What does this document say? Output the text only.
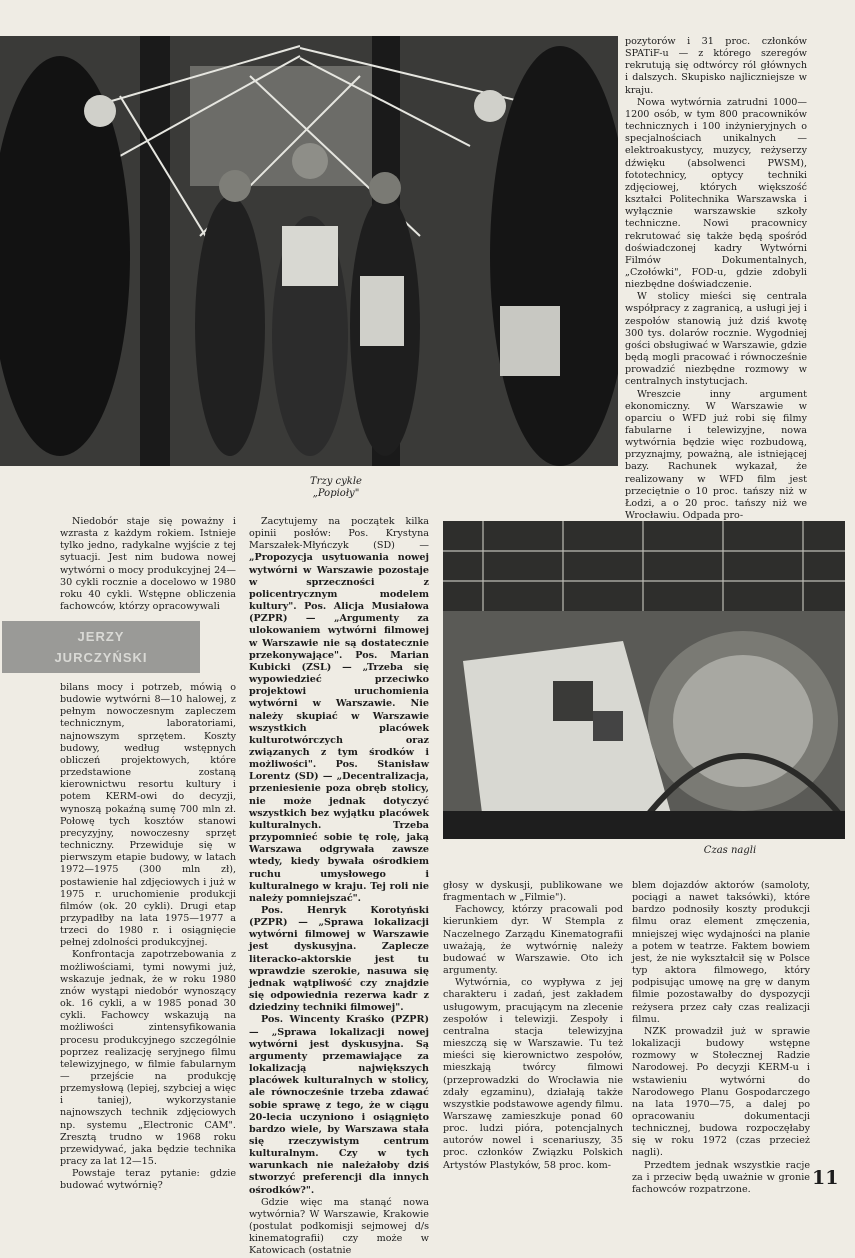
Trzy cykle
„Popioły"

pozytorów i 31 proc. członków SPATiF-u — z którego szeregów rekrutują się odtwórcy ról głównych i dalszych. Skupisko najliczniejsze w kraju.

Nowa wytwórnia zatrudni 1000—1200 osób, w tym 800 pracowników technicznych i 100 inżynieryjnych o specjalnościach unikalnych — elektroakustycy, muzycy, reżyserzy dźwięku (absolwenci PWSM), fototechnicy, optycy techniki zdjęciowej, których większość kształci Politechnika Warszawska i wyłącznie warszawskie szkoły techniczne. Nowi pracownicy rekrutować się także będą spośród doświadczonej kadry Wytwórni Filmów Dokumentalnych, „Czołówki", FOD-u, gdzie zdobyli niezbędne doświadczenie.

W stolicy mieści się centrala współpracy z zagranicą, a usługi jej i zespołów stanowią już dziś kwotę 300 tys. dolarów rocznie. Wygodniej gości obsługiwać w Warszawie, gdzie będą mogli pracować i równocześnie prowadzić niezbędne rozmowy w centralnych instytucjach.

Wreszcie inny argument ekonomiczny. W Warszawie w oparciu o WFD już robi się filmy fabularne i telewizyjne, nowa wytwórnia będzie więc rozbudową, przyznajmy, poważną, ale istniejącej bazy. Rachunek wykazał, że realizowany w WFD film jest przeciętnie o 10 proc. tańszy niż w Łodzi, a o 20 proc. tańszy niż we Wrocławiu. Odpada pro-

Niedobór staje się poważny i wzrasta z każdym rokiem. Istnieje tylko jedno, radykalne wyjście z tej sytuacji. Jest nim budowa nowej wytwórni o mocy produkcyjnej 24—30 cykli rocznie a docelowo w 1980 roku 40 cykli. Wstępne obliczenia fachowców, którzy opracowywali

JERZY
JURCZYŃSKI

bilans mocy i potrzeb, mówią o budowie wytwórni 8—10 halowej, z pełnym nowoczesnym zapleczem technicznym, laboratoriami, najnowszym sprzętem. Koszty budowy, według wstępnych obliczeń projektowych, które przedstawione zostaną kierownictwu resortu kultury i potem KERM-owi do decyzji, wynoszą pokaźną sumę 700 mln zł. Połowę tych kosztów stanowi precyzyjny, nowoczesny sprzęt techniczny. Przewiduje się w pierwszym etapie budowy, w latach 1972—1975 (300 mln zł), postawienie hal zdjęciowych i już w 1975 r. uruchomienie produkcji filmów (ok. 20 cykli). Drugi etap przypadłby na lata 1975—1977 a trzeci do 1980 r. i osiągnięcie pełnej zdolności produkcyjnej.

Konfrontacja zapotrzebowania z możliwościami, tymi nowymi już, wskazuje jednak, że w roku 1980 znów wystąpi niedobór wynoszący ok. 16 cykli, a w 1985 ponad 30 cykli. Fachowcy wskazują na możliwości zintensyfikowania procesu produkcyjnego szczególnie poprzez realizację seryjnego filmu telewizyjnego, w filmie fabularnym — przejście na produkcję przemysłową (lepiej, szybciej a więc i taniej), wykorzystanie najnowszych technik zdjęciowych np. systemu „Electronic CAM". Zresztą trudno w 1968 roku przewidywać, jaka będzie technika pracy za lat 12—15.

Powstaje teraz pytanie: gdzie budować wytwórnię?

Zacytujemy na początek kilka opinii posłów: Pos. Krystyna Marszałek-Młyńczyk (SD) — „Propozycja usytuowania nowej wytwórni w Warszawie pozostaje w sprzeczności z policentrycznym modelem kultury". Pos. Alicja Musiałowa (PZPR) — „Argumenty za ulokowaniem wytwórni filmowej w Warszawie nie są dostatecznie przekonywające". Pos. Marian Kubicki (ZSL) — „Trzeba się wypowiedzieć przeciwko projektowi uruchomienia wytwórni w Warszawie. Nie należy skupiać w Warszawie wszystkich placówek kulturotwórczych oraz związanych z tym środków i możliwości". Pos. Stanisław Lorentz (SD) — „Decentralizacja, przeniesienie poza obręb stolicy, nie może jednak dotyczyć wszystkich bez wyjątku placówek kulturalnych. Trzeba przypomnieć sobie tę rolę, jaką Warszawa odgrywała zawsze wtedy, kiedy bywała ośrodkiem ruchu umysłowego i kulturalnego w kraju. Tej roli nie należy pomniejszać".

Pos. Henryk Korotyński (PZPR) — „Sprawa lokalizacji wytwórni filmowej w Warszawie jest dyskusyjna. Zaplecze literacko-aktorskie jest tu wprawdzie szerokie, nasuwa się jednak wątpliwość czy znajdzie się odpowiednia rezerwa kadr z dziedziny techniki filmowej".

Pos. Wincenty Kraśko (PZPR) — „Sprawa lokalizacji nowej wytwórni jest dyskusyjna. Są argumenty przemawiające za lokalizacją największych placówek kulturalnych w stolicy, ale równocześnie trzeba zdawać sobie sprawę z tego, że w ciągu 20-lecia uczyniono i osiągnięto bardzo wiele, by Warszawa stała się rzeczywistym centrum kulturalnym. Czy w tych warunkach nie należałoby dziś stworzyć preferencji dla innych ośrodków?".

Gdzie więc ma stanąć nowa wytwórnia? W Warszawie, Krakowie (postulat podkomisji sejmowej d/s kinematografii) czy może w Katowicach (ostatnie

Czas nagli

głosy w dyskusji, publikowane we fragmentach w „Filmie").

Fachowcy, którzy pracowali pod kierunkiem dyr. W Stempla z Naczelnego Zarządu Kinematografii uważają, że wytwórnię należy budować w Warszawie. Oto ich argumenty.

Wytwórnia, co wypływa z jej charakteru i zadań, jest zakładem usługowym, pracującym na zlecenie zespołów i telewizji. Zespoły i centralna stacja telewizyjna mieszczą się w Warszawie. Tu też mieści się kierownictwo zespołów, mieszkają twórcy filmowi (przeprowadzki do Wrocławia nie zdały egzaminu), działają także wszystkie podstawowe agendy filmu. Warszawę zamieszkuje ponad 60 proc. ludzi pióra, potencjalnych autorów nowel i scenariuszy, 35 proc. członków Związku Polskich Artystów Plastyków, 58 proc. kom-

blem dojazdów aktorów (samoloty, pociągi a nawet taksówki), które bardzo podnosiły koszty produkcji filmu oraz element zmęczenia, mniejszej więc wydajności na planie a potem w teatrze. Faktem bowiem jest, że nie wykształcił się w Polsce typ aktora filmowego, który podpisując umowę na grę w danym filmie pozostawałby do dyspozycji reżysera przez cały czas realizacji filmu.

NZK prowadził już w sprawie lokalizacji budowy wstępne rozmowy w Stołecznej Radzie Narodowej. Po decyzji KERM-u i wstawieniu wytwórni do Narodowego Planu Gospodarczego na lata 1970—75, a dalej po opracowaniu dokumentacji technicznej, budowa rozpoczęłaby się w roku 1972 (czas przecież nagli).

Przedtem jednak wszystkie racje za i przeciw będą uważnie w gronie fachowców rozpatrzone.

11
